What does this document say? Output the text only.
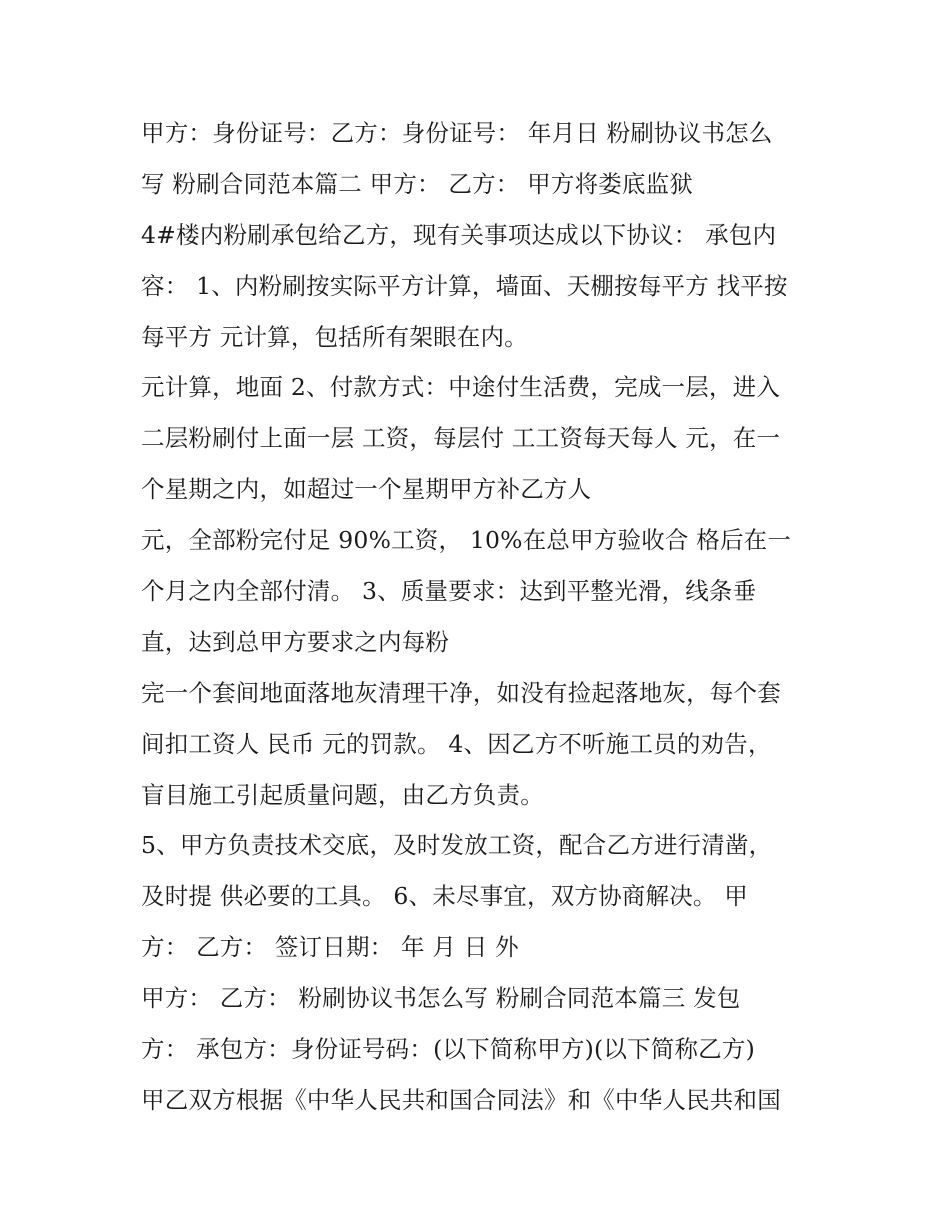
甲方：身份证号：乙方：身份证号： 年月日 粉刷协议书怎么
写 粉刷合同范本篇二 甲方： 乙方： 甲方将娄底监狱
4#楼内粉刷承包给乙方，现有关事项达成以下协议： 承包内
容： 1、内粉刷按实际平方计算，墙面、天棚按每平方 找平按
每平方 元计算，包括所有架眼在内。
元计算，地面 2、付款方式：中途付生活费，完成一层，进入
二层粉刷付上面一层 工资，每层付 工工资每天每人 元，在一
个星期之内，如超过一个星期甲方补乙方人
元，全部粉完付足 90%工资， 10%在总甲方验收合 格后在一
个月之内全部付清。 3、质量要求：达到平整光滑，线条垂
直，达到总甲方要求之内每粉
完一个套间地面落地灰清理干净，如没有捡起落地灰，每个套
间扣工资人 民币 元的罚款。 4、因乙方不听施工员的劝告，
盲目施工引起质量问题，由乙方负责。
5、甲方负责技术交底，及时发放工资，配合乙方进行清凿，
及时提 供必要的工具。 6、未尽事宜，双方协商解决。 甲
方： 乙方： 签订日期： 年 月 日 外
甲方： 乙方： 粉刷协议书怎么写 粉刷合同范本篇三 发包
方： 承包方：身份证号码：(以下简称甲方)(以下简称乙方)
甲乙双方根据《中华人民共和国合同法》和《中华人民共和国
